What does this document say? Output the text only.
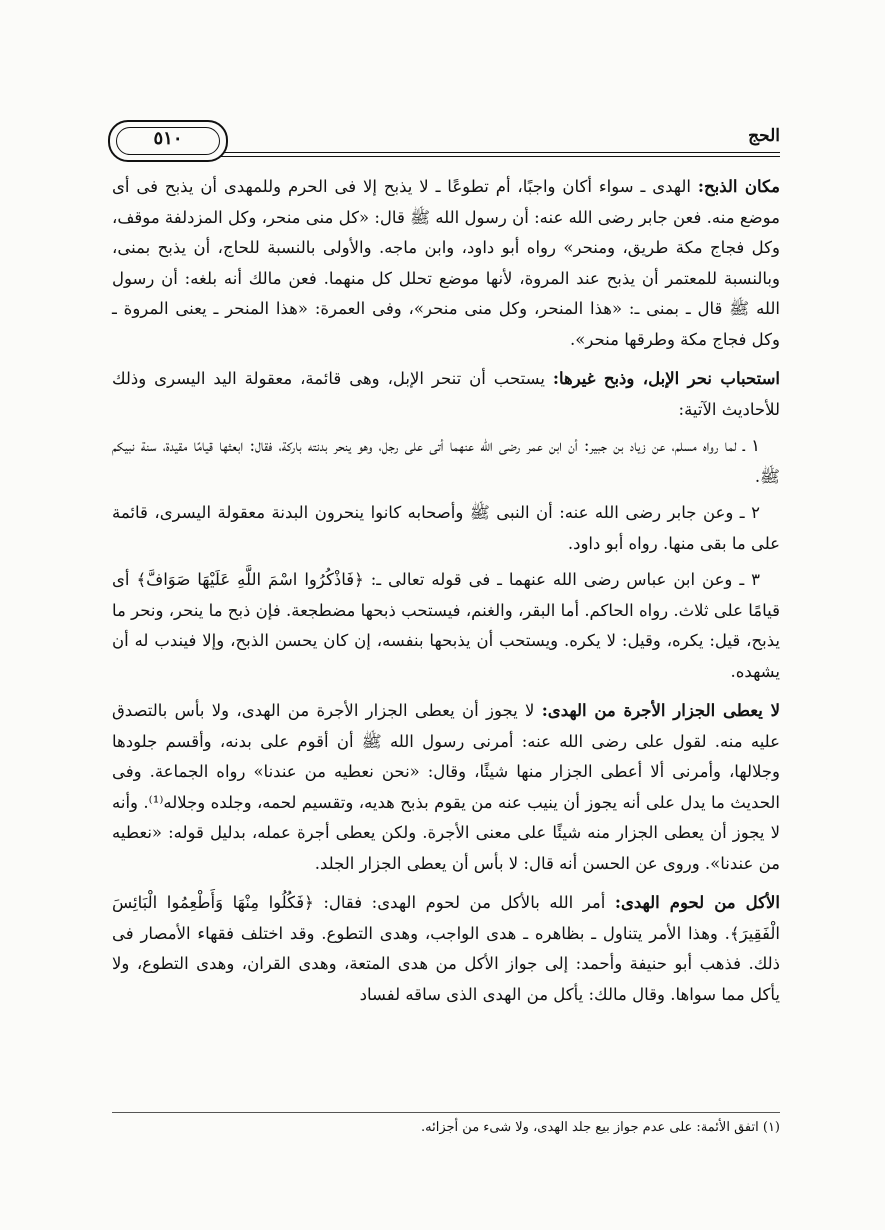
٥١٠	الحج

مكان الذبح: الهدى ـ سواء أكان واجبًا، أم تطوعًا ـ لا يذبح إلا فى الحرم وللمهدى أن يذبح فى أى موضع منه. فعن جابر رضى الله عنه: أن رسول الله ﷺ قال: «كل منى منحر، وكل المزدلفة موقف، وكل فجاج مكة طريق، ومنحر» رواه أبو داود، وابن ماجه. والأولى بالنسبة للحاج، أن يذبح بمنى، وبالنسبة للمعتمر أن يذبح عند المروة، لأنها موضع تحلل كل منهما. فعن مالك أنه بلغه: أن رسول الله ﷺ قال ـ بمنى ـ: «هذا المنحر، وكل منى منحر»، وفى العمرة: «هذا المنحر ـ يعنى المروة ـ وكل فجاج مكة وطرقها منحر».

استحباب نحر الإبل، وذبح غيرها: يستحب أن تنحر الإبل، وهى قائمة، معقولة اليد اليسرى وذلك للأحاديث الآتية:

١ ـ لما رواه مسلم، عن زياد بن جبير: أن ابن عمر رضى الله عنهما أتى على رجل، وهو ينحر بدنته باركة، فقال: ابعثها قيامًا مقيدة، سنة نبيكم ﷺ.

٢ ـ وعن جابر رضى الله عنه: أن النبى ﷺ وأصحابه كانوا ينحرون البدنة معقولة اليسرى، قائمة على ما بقى منها. رواه أبو داود.

٣ ـ وعن ابن عباس رضى الله عنهما ـ فى قوله تعالى ـ: ﴿فَاذْكُرُوا اسْمَ اللَّهِ عَلَيْهَا صَوَافَّ﴾ أى قيامًا على ثلاث. رواه الحاكم. أما البقر، والغنم، فيستحب ذبحها مضطجعة. فإن ذبح ما ينحر، ونحر ما يذبح، قيل: يكره، وقيل: لا يكره. ويستحب أن يذبحها بنفسه، إن كان يحسن الذبح، وإلا فيندب له أن يشهده.

لا يعطى الجزار الأجرة من الهدى: لا يجوز أن يعطى الجزار الأجرة من الهدى، ولا بأس بالتصدق عليه منه. لقول على رضى الله عنه: أمرنى رسول الله ﷺ أن أقوم على بدنه، وأقسم جلودها وجلالها، وأمرنى ألا أعطى الجزار منها شيئًا، وقال: «نحن نعطيه من عندنا» رواه الجماعة. وفى الحديث ما يدل على أنه يجوز أن ينيب عنه من يقوم بذبح هديه، وتقسيم لحمه، وجلده وجلاله⁽¹⁾. وأنه لا يجوز أن يعطى الجزار منه شيئًا على معنى الأجرة. ولكن يعطى أجرة عمله، بدليل قوله: «نعطيه من عندنا». وروى عن الحسن أنه قال: لا بأس أن يعطى الجزار الجلد.

الأكل من لحوم الهدى: أمر الله بالأكل من لحوم الهدى: فقال: ﴿فَكُلُوا مِنْهَا وَأَطْعِمُوا الْبَائِسَ الْفَقِيرَ﴾. وهذا الأمر يتناول ـ بظاهره ـ هدى الواجب، وهدى التطوع. وقد اختلف فقهاء الأمصار فى ذلك. فذهب أبو حنيفة وأحمد: إلى جواز الأكل من هدى المتعة، وهدى القران، وهدى التطوع، ولا يأكل مما سواها. وقال مالك: يأكل من الهدى الذى ساقه لفساد

(١) اتفق الأئمة: على عدم جواز بيع جلد الهدى، ولا شىء من أجزائه.
